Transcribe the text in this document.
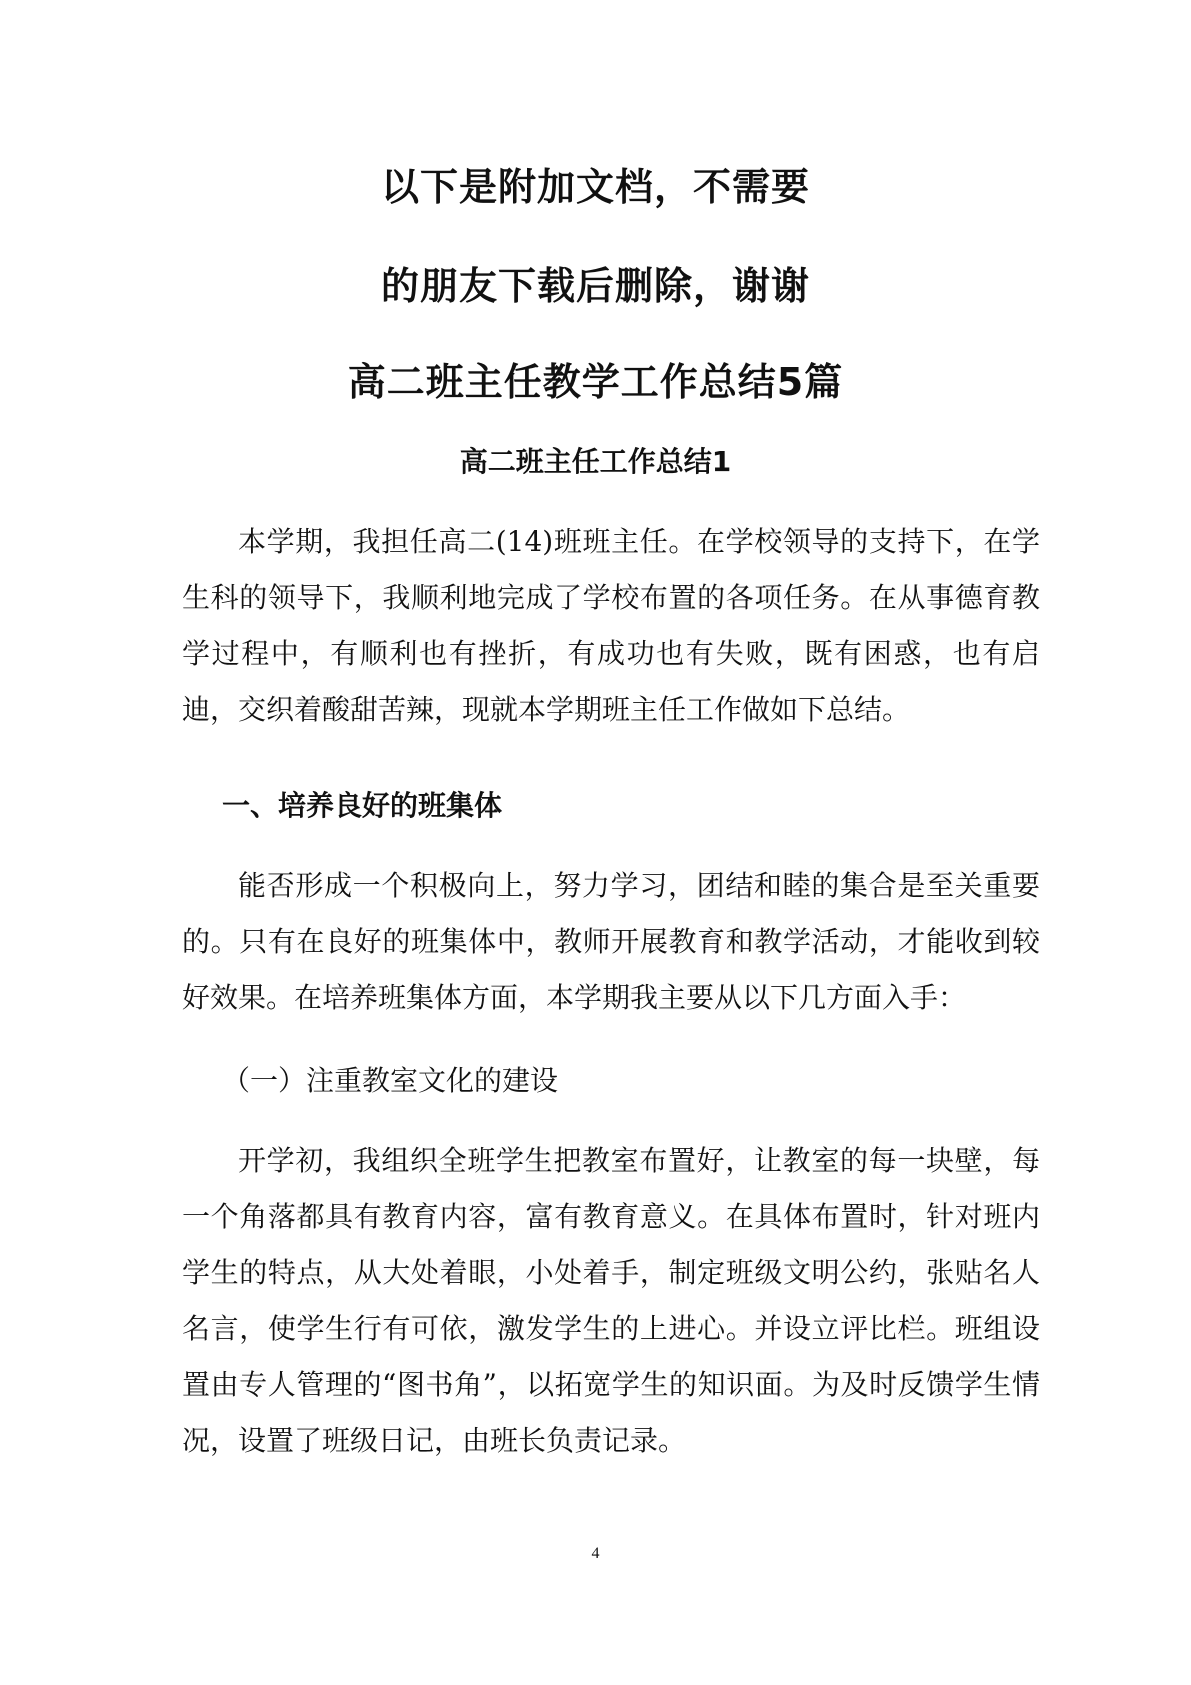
以下是附加文档，不需要
的朋友下载后删除，谢谢
高二班主任教学工作总结5篇
高二班主任工作总结1

本学期，我担任高二(14)班班主任。在学校领导的支持下，在学生科的领导下，我顺利地完成了学校布置的各项任务。在从事德育教学过程中，有顺利也有挫折，有成功也有失败，既有困惑，也有启迪，交织着酸甜苦辣，现就本学期班主任工作做如下总结。

一、培养良好的班集体

能否形成一个积极向上，努力学习，团结和睦的集合是至关重要的。只有在良好的班集体中，教师开展教育和教学活动，才能收到较好效果。在培养班集体方面，本学期我主要从以下几方面入手：

（一）注重教室文化的建设

开学初，我组织全班学生把教室布置好，让教室的每一块壁，每一个角落都具有教育内容，富有教育意义。在具体布置时，针对班内学生的特点，从大处着眼，小处着手，制定班级文明公约，张贴名人名言，使学生行有可依，激发学生的上进心。并设立评比栏。班组设置由专人管理的“图书角”，以拓宽学生的知识面。为及时反馈学生情况，设置了班级日记，由班长负责记录。

4
